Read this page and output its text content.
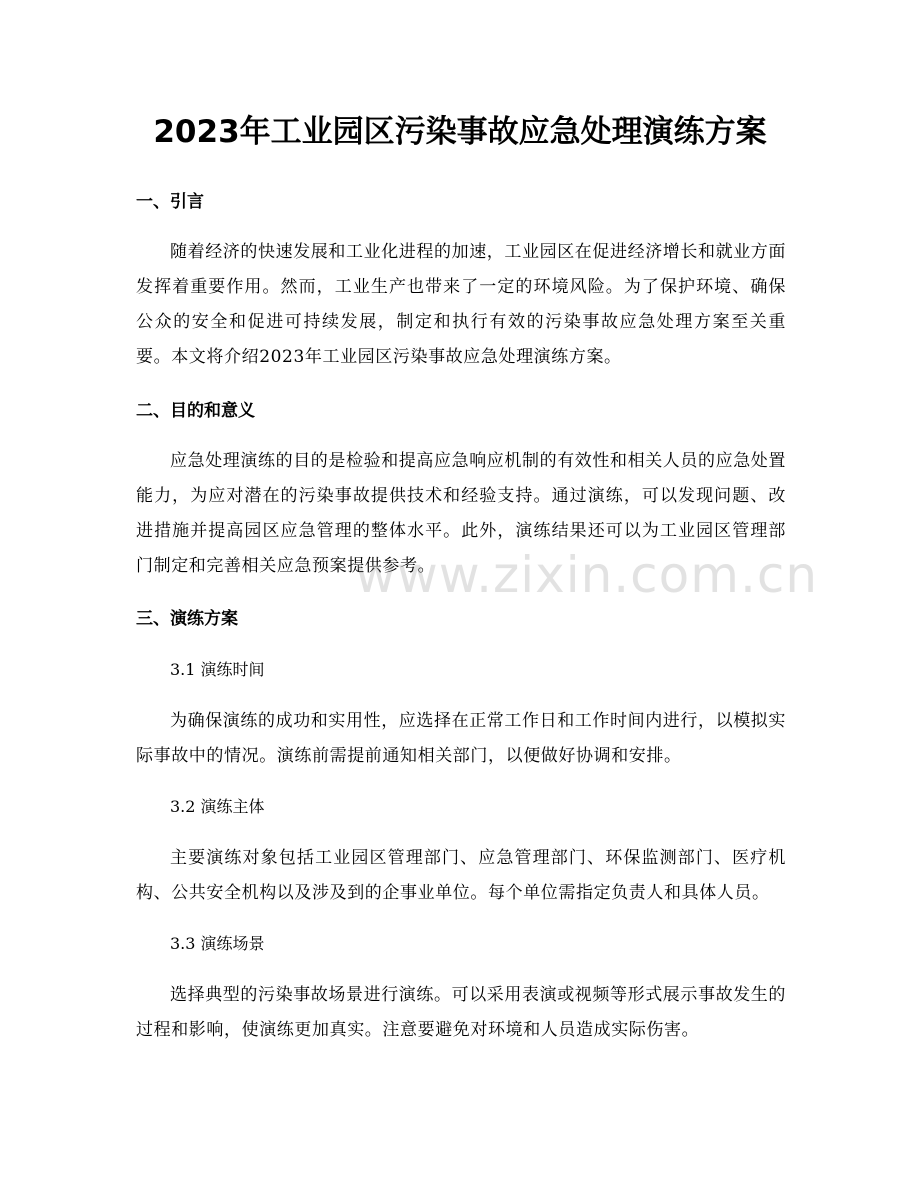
2023年工业园区污染事故应急处理演练方案
一、引言
随着经济的快速发展和工业化进程的加速，工业园区在促进经济增长和就业方面发挥着重要作用。然而，工业生产也带来了一定的环境风险。为了保护环境、确保公众的安全和促进可持续发展，制定和执行有效的污染事故应急处理方案至关重要。本文将介绍2023年工业园区污染事故应急处理演练方案。
二、目的和意义
应急处理演练的目的是检验和提高应急响应机制的有效性和相关人员的应急处置能力，为应对潜在的污染事故提供技术和经验支持。通过演练，可以发现问题、改进措施并提高园区应急管理的整体水平。此外，演练结果还可以为工业园区管理部门制定和完善相关应急预案提供参考。
三、演练方案
3.1 演练时间
为确保演练的成功和实用性，应选择在正常工作日和工作时间内进行，以模拟实际事故中的情况。演练前需提前通知相关部门，以便做好协调和安排。
3.2 演练主体
主要演练对象包括工业园区管理部门、应急管理部门、环保监测部门、医疗机构、公共安全机构以及涉及到的企事业单位。每个单位需指定负责人和具体人员。
3.3 演练场景
选择典型的污染事故场景进行演练。可以采用表演或视频等形式展示事故发生的过程和影响，使演练更加真实。注意要避免对环境和人员造成实际伤害。
www.zixin.com.cn
